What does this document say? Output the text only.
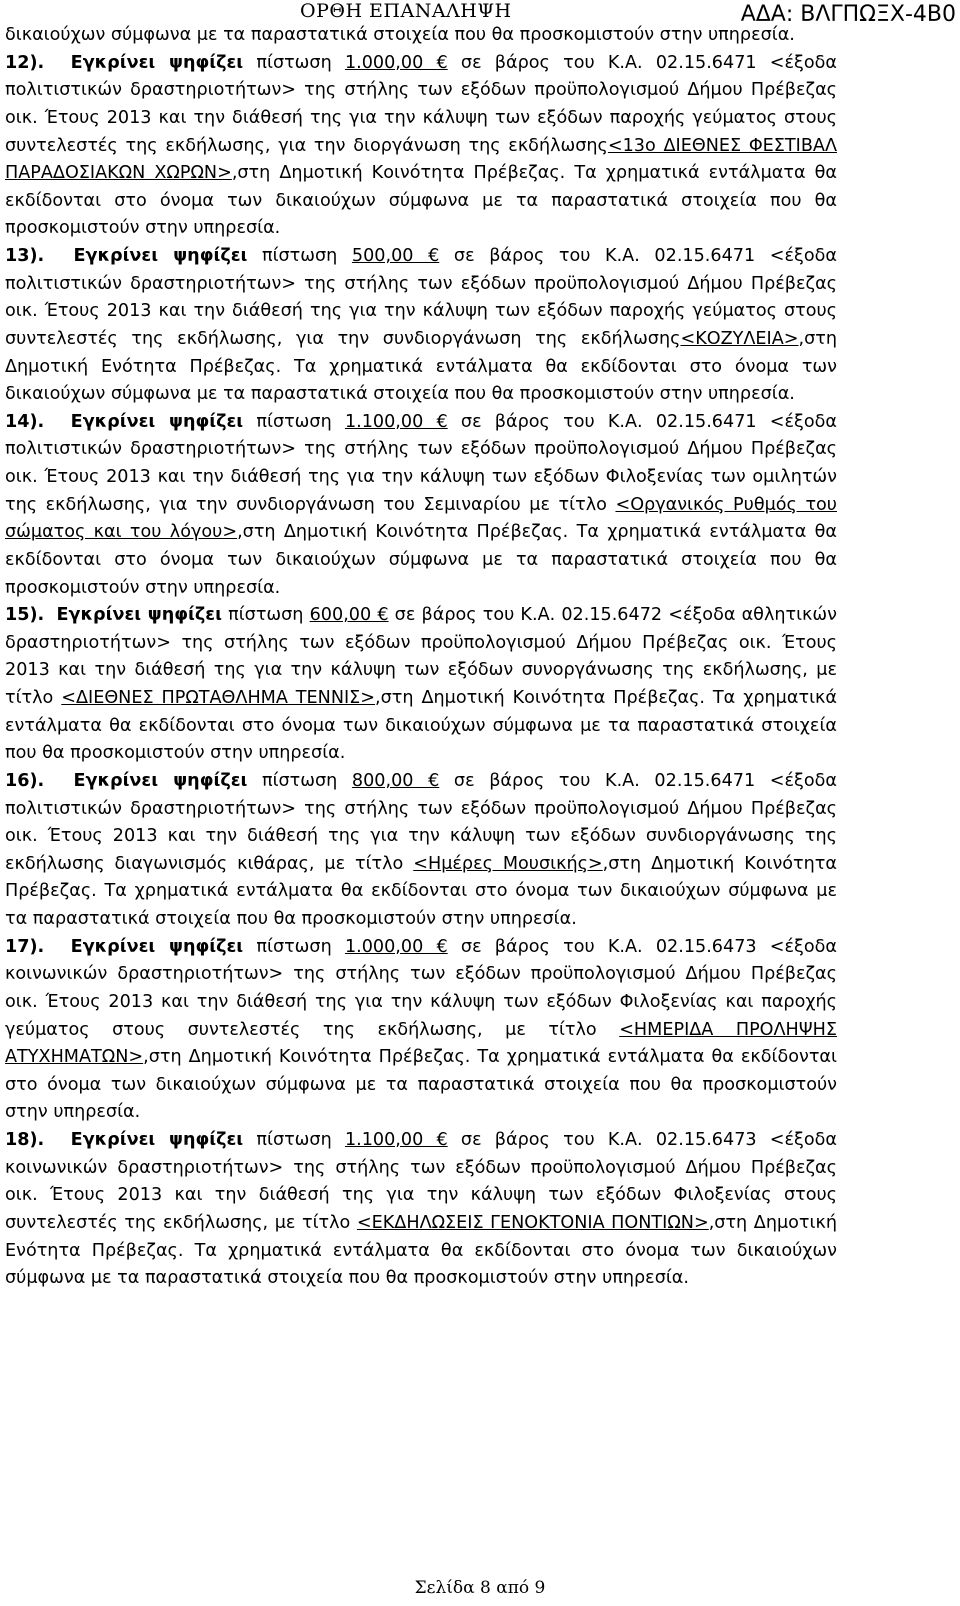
ΟΡΘΗ ΕΠΑΝΑΛΗΨΗ	ΑΔΑ: ΒΛΓΠΩΞΧ-4Β0

δικαιούχων σύμφωνα με τα παραστατικά στοιχεία που θα προσκομιστούν στην υπηρεσία.

12). Εγκρίνει ψηφίζει πίστωση 1.000,00 € σε βάρος του Κ.Α. 02.15.6471 <έξοδα πολιτιστικών δραστηριοτήτων> της στήλης των εξόδων προϋπολογισμού Δήμου Πρέβεζας οικ. Έτους 2013 και την διάθεσή της για την κάλυψη των εξόδων παροχής γεύματος στους συντελεστές της εκδήλωσης, για την διοργάνωση της εκδήλωσης<13ο ΔΙΕΘΝΕΣ ΦΕΣΤΙΒΑΛ ΠΑΡΑΔΟΣΙΑΚΩΝ ΧΩΡΩΝ>,στη Δημοτική Κοινότητα Πρέβεζας. Τα χρηματικά εντάλματα θα εκδίδονται στο όνομα των δικαιούχων σύμφωνα με τα παραστατικά στοιχεία που θα προσκομιστούν στην υπηρεσία.

13). Εγκρίνει ψηφίζει πίστωση 500,00 € σε βάρος του Κ.Α. 02.15.6471 <έξοδα πολιτιστικών δραστηριοτήτων> της στήλης των εξόδων προϋπολογισμού Δήμου Πρέβεζας οικ. Έτους 2013 και την διάθεσή της για την κάλυψη των εξόδων παροχής γεύματος στους συντελεστές της εκδήλωσης, για την συνδιοργάνωση της εκδήλωσης<ΚΟΖΥΛΕΙΑ>,στη Δημοτική Ενότητα Πρέβεζας. Τα χρηματικά εντάλματα θα εκδίδονται στο όνομα των δικαιούχων σύμφωνα με τα παραστατικά στοιχεία που θα προσκομιστούν στην υπηρεσία.

14). Εγκρίνει ψηφίζει πίστωση 1.100,00 € σε βάρος του Κ.Α. 02.15.6471 <έξοδα πολιτιστικών δραστηριοτήτων> της στήλης των εξόδων προϋπολογισμού Δήμου Πρέβεζας οικ. Έτους 2013 και την διάθεσή της για την κάλυψη των εξόδων Φιλοξενίας των ομιλητών της εκδήλωσης, για την συνδιοργάνωση του Σεμιναρίου με τίτλο <Οργανικός Ρυθμός του σώματος και του λόγου>,στη Δημοτική Κοινότητα Πρέβεζας. Τα χρηματικά εντάλματα θα εκδίδονται στο όνομα των δικαιούχων σύμφωνα με τα παραστατικά στοιχεία που θα προσκομιστούν στην υπηρεσία.

15). Εγκρίνει ψηφίζει πίστωση 600,00 € σε βάρος του Κ.Α. 02.15.6472 <έξοδα αθλητικών δραστηριοτήτων> της στήλης των εξόδων προϋπολογισμού Δήμου Πρέβεζας οικ. Έτους 2013 και την διάθεσή της για την κάλυψη των εξόδων συνοργάνωσης της εκδήλωσης, με τίτλο <ΔΙΕΘΝΕΣ ΠΡΩΤΑΘΛΗΜΑ ΤΕΝΝΙΣ>,στη Δημοτική Κοινότητα Πρέβεζας. Τα χρηματικά εντάλματα θα εκδίδονται στο όνομα των δικαιούχων σύμφωνα με τα παραστατικά στοιχεία που θα προσκομιστούν στην υπηρεσία.

16). Εγκρίνει ψηφίζει πίστωση 800,00 € σε βάρος του Κ.Α. 02.15.6471 <έξοδα πολιτιστικών δραστηριοτήτων> της στήλης των εξόδων προϋπολογισμού Δήμου Πρέβεζας οικ. Έτους 2013 και την διάθεσή της για την κάλυψη των εξόδων συνδιοργάνωσης της εκδήλωσης διαγωνισμός κιθάρας, με τίτλο <Ημέρες Μουσικής>,στη Δημοτική Κοινότητα Πρέβεζας. Τα χρηματικά εντάλματα θα εκδίδονται στο όνομα των δικαιούχων σύμφωνα με τα παραστατικά στοιχεία που θα προσκομιστούν στην υπηρεσία.

17). Εγκρίνει ψηφίζει πίστωση 1.000,00 € σε βάρος του Κ.Α. 02.15.6473 <έξοδα κοινωνικών δραστηριοτήτων> της στήλης των εξόδων προϋπολογισμού Δήμου Πρέβεζας οικ. Έτους 2013 και την διάθεσή της για την κάλυψη των εξόδων Φιλοξενίας και παροχής γεύματος στους συντελεστές της εκδήλωσης, με τίτλο <ΗΜΕΡΙΔΑ ΠΡΟΛΗΨΗΣ ΑΤΥΧΗΜΑΤΩΝ>,στη Δημοτική Κοινότητα Πρέβεζας. Τα χρηματικά εντάλματα θα εκδίδονται στο όνομα των δικαιούχων σύμφωνα με τα παραστατικά στοιχεία που θα προσκομιστούν στην υπηρεσία.

18). Εγκρίνει ψηφίζει πίστωση 1.100,00 € σε βάρος του Κ.Α. 02.15.6473 <έξοδα κοινωνικών δραστηριοτήτων> της στήλης των εξόδων προϋπολογισμού Δήμου Πρέβεζας οικ. Έτους 2013 και την διάθεσή της για την κάλυψη των εξόδων Φιλοξενίας στους συντελεστές της εκδήλωσης, με τίτλο <ΕΚΔΗΛΩΣΕΙΣ ΓΕΝΟΚΤΟΝΙΑ ΠΟΝΤΙΩΝ>,στη Δημοτική Ενότητα Πρέβεζας. Τα χρηματικά εντάλματα θα εκδίδονται στο όνομα των δικαιούχων σύμφωνα με τα παραστατικά στοιχεία που θα προσκομιστούν στην υπηρεσία.

Σελίδα 8 από 9
